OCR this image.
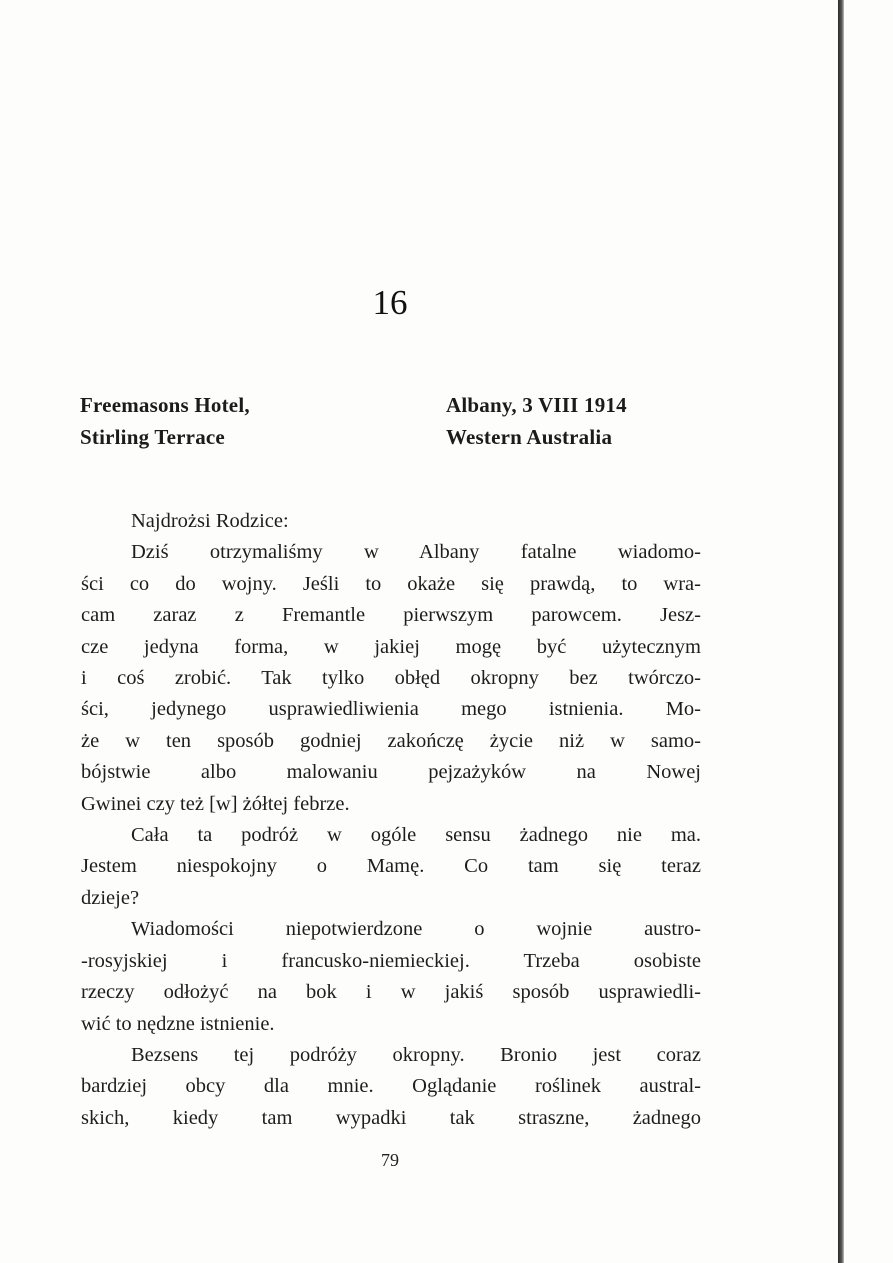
16
Freemasons Hotel,
Stirling Terrace
Albany, 3 VIII 1914
Western Australia
Najdrożsi Rodzice:
Dziś otrzymaliśmy w Albany fatalne wiadomo-
ści co do wojny. Jeśli to okaże się prawdą, to wra-
cam zaraz z Fremantle pierwszym parowcem. Jesz-
cze jedyna forma, w jakiej mogę być użytecznym
i coś zrobić. Tak tylko obłęd okropny bez twórczo-
ści, jedynego usprawiedliwienia mego istnienia. Mo-
że w ten sposób godniej zakończę życie niż w samo-
bójstwie albo malowaniu pejzażyków na Nowej
Gwinei czy też [w] żółtej febrze.
Cała ta podróż w ogóle sensu żadnego nie ma.
Jestem niespokojny o Mamę. Co tam się teraz
dzieje?
Wiadomości niepotwierdzone o wojnie austro-
-rosyjskiej i francusko-niemieckiej. Trzeba osobiste
rzeczy odłożyć na bok i w jakiś sposób usprawiedli-
wić to nędzne istnienie.
Bezsens tej podróży okropny. Bronio jest coraz
bardziej obcy dla mnie. Oglądanie roślinek austral-
skich, kiedy tam wypadki tak straszne, żadnego
79
